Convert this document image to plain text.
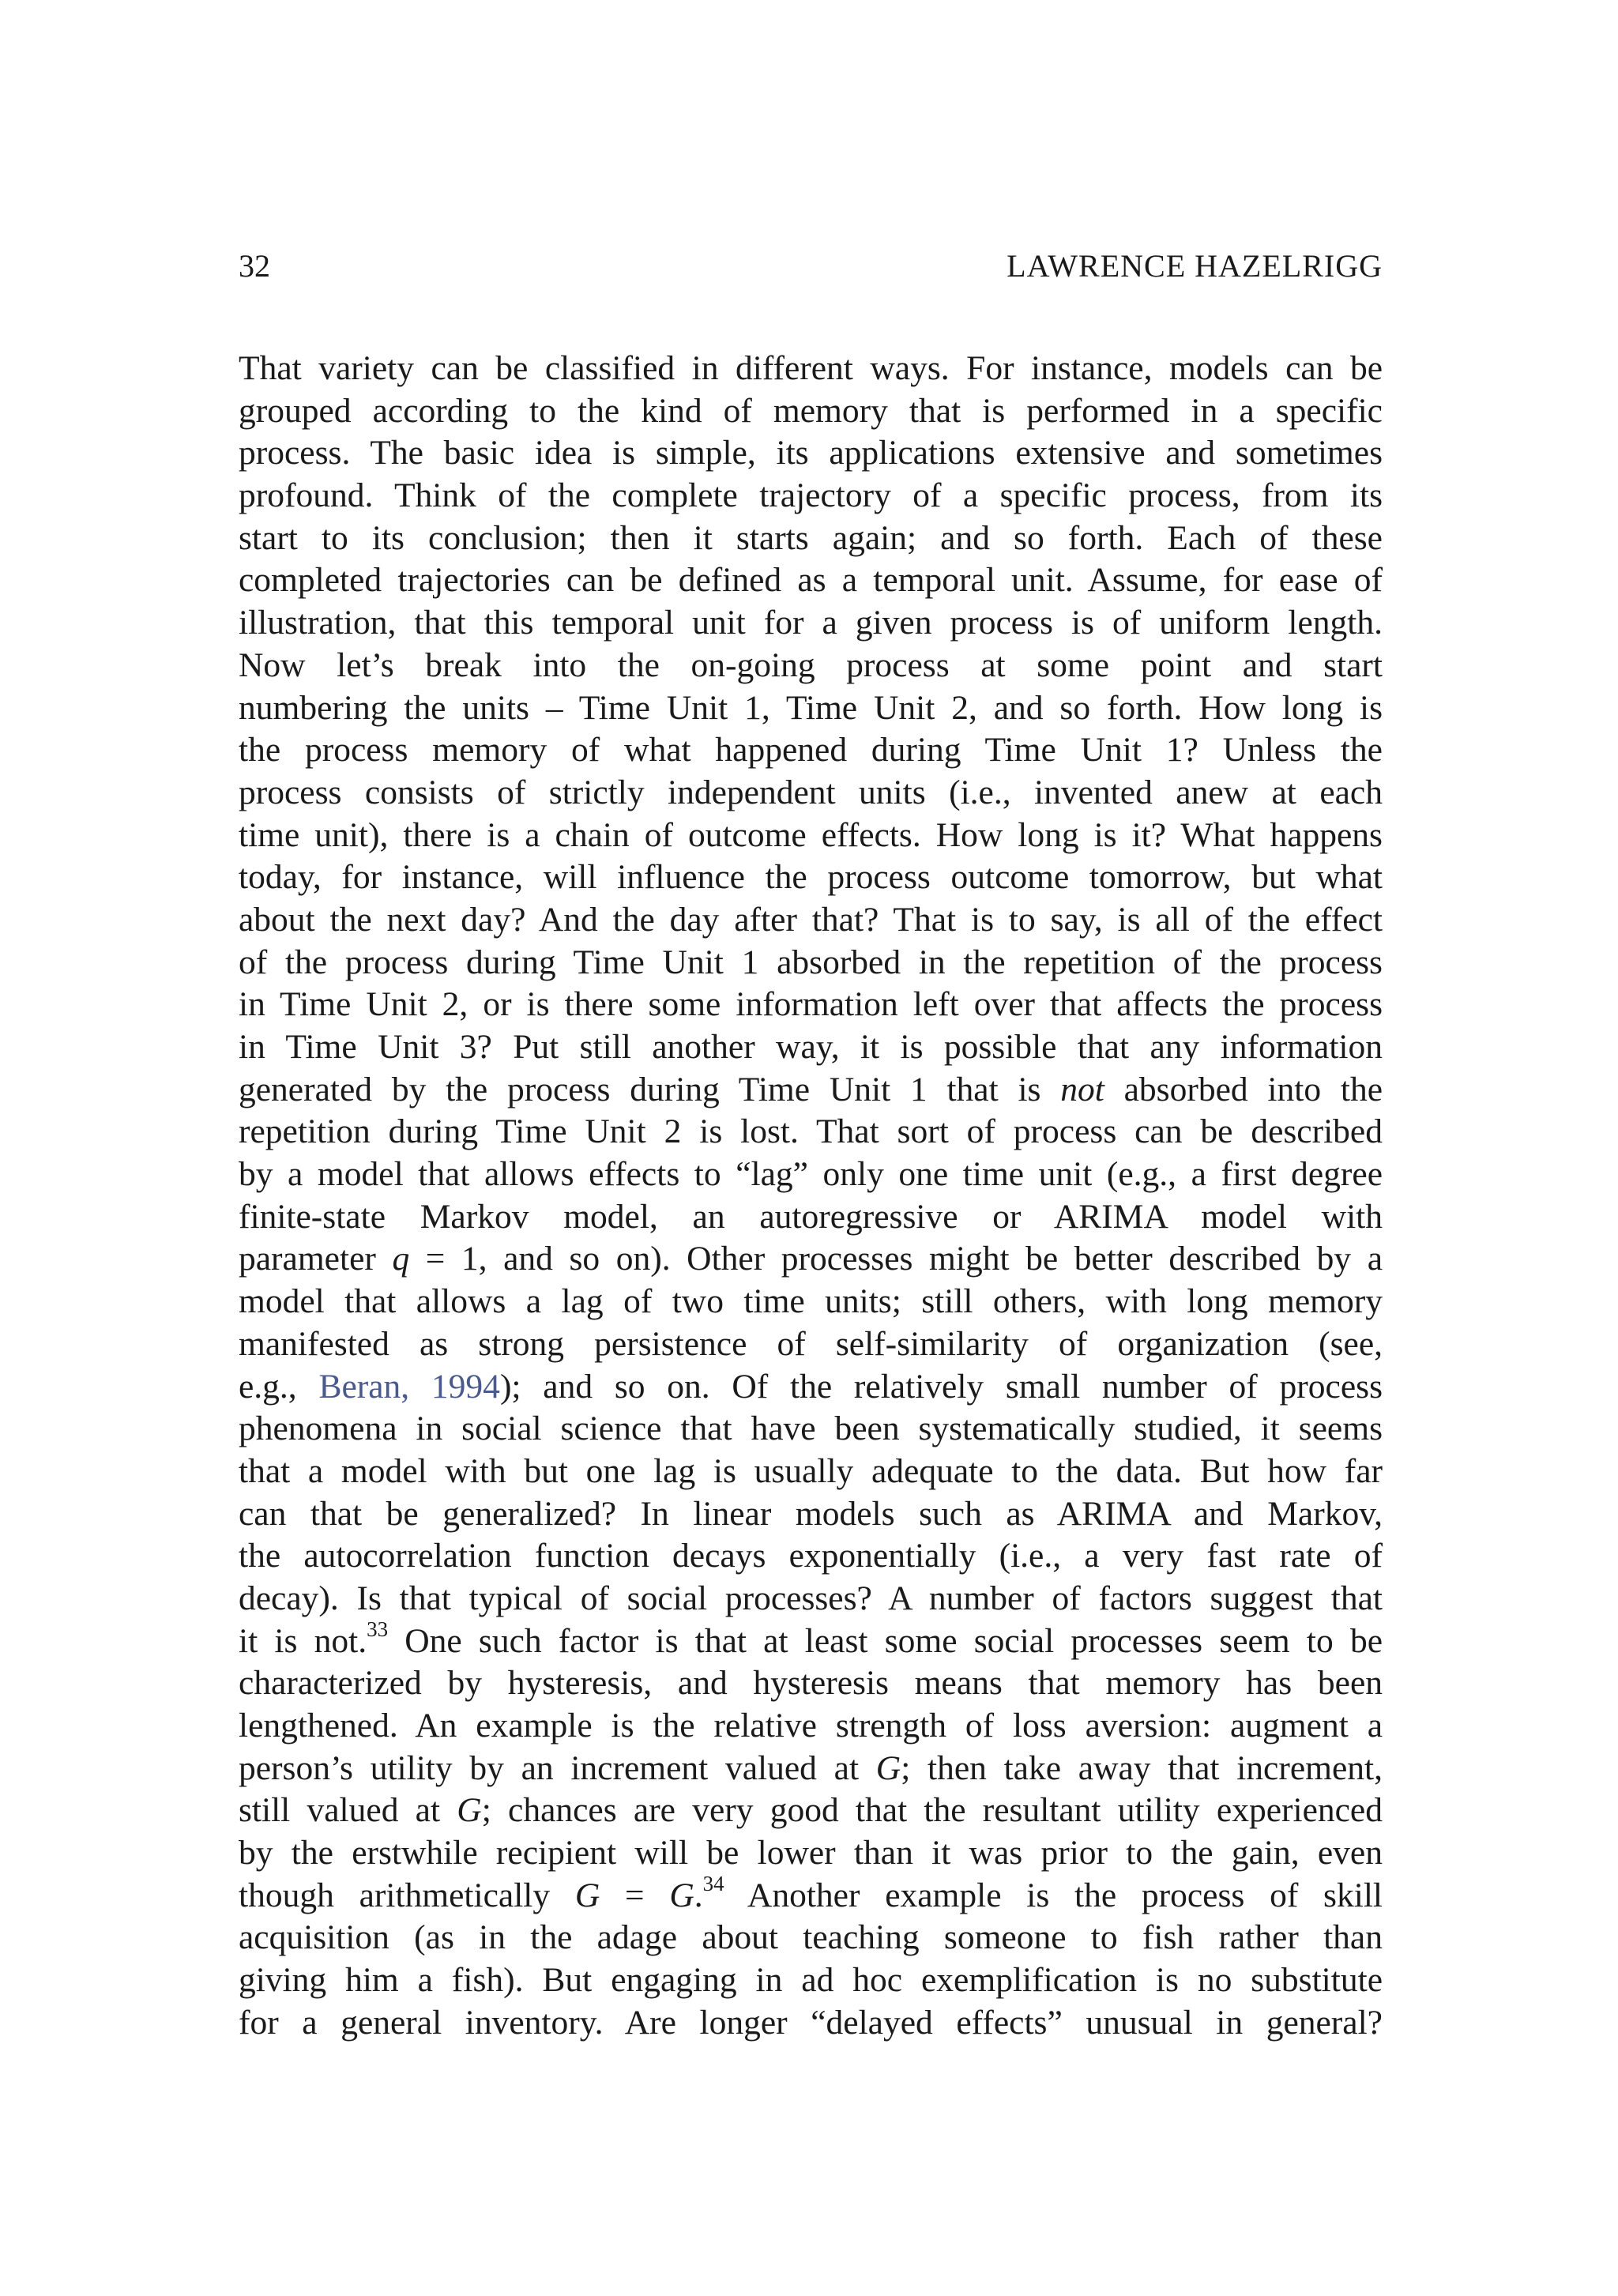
32	LAWRENCE HAZELRIGG
That variety can be classified in different ways. For instance, models can be
grouped according to the kind of memory that is performed in a specific
process. The basic idea is simple, its applications extensive and sometimes
profound. Think of the complete trajectory of a specific process, from its
start to its conclusion; then it starts again; and so forth. Each of these
completed trajectories can be defined as a temporal unit. Assume, for ease of
illustration, that this temporal unit for a given process is of uniform length.
Now let’s break into the on-going process at some point and start
numbering the units – Time Unit 1, Time Unit 2, and so forth. How long is
the process memory of what happened during Time Unit 1? Unless the
process consists of strictly independent units (i.e., invented anew at each
time unit), there is a chain of outcome effects. How long is it? What happens
today, for instance, will influence the process outcome tomorrow, but what
about the next day? And the day after that? That is to say, is all of the effect
of the process during Time Unit 1 absorbed in the repetition of the process
in Time Unit 2, or is there some information left over that affects the process
in Time Unit 3? Put still another way, it is possible that any information
generated by the process during Time Unit 1 that is not absorbed into the
repetition during Time Unit 2 is lost. That sort of process can be described
by a model that allows effects to “lag” only one time unit (e.g., a first degree
finite-state Markov model, an autoregressive or ARIMA model with
parameter q = 1, and so on). Other processes might be better described by a
model that allows a lag of two time units; still others, with long memory
manifested as strong persistence of self-similarity of organization (see,
e.g., Beran, 1994); and so on. Of the relatively small number of process
phenomena in social science that have been systematically studied, it seems
that a model with but one lag is usually adequate to the data. But how far
can that be generalized? In linear models such as ARIMA and Markov,
the autocorrelation function decays exponentially (i.e., a very fast rate of
decay). Is that typical of social processes? A number of factors suggest that
it is not.$^{33}$ One such factor is that at least some social processes seem to be
characterized by hysteresis, and hysteresis means that memory has been
lengthened. An example is the relative strength of loss aversion: augment a
person’s utility by an increment valued at G; then take away that increment,
still valued at G; chances are very good that the resultant utility experienced
by the erstwhile recipient will be lower than it was prior to the gain, even
though arithmetically G = G.$^{34}$ Another example is the process of skill
acquisition (as in the adage about teaching someone to fish rather than
giving him a fish). But engaging in ad hoc exemplification is no substitute
for a general inventory. Are longer “delayed effects” unusual in general?
